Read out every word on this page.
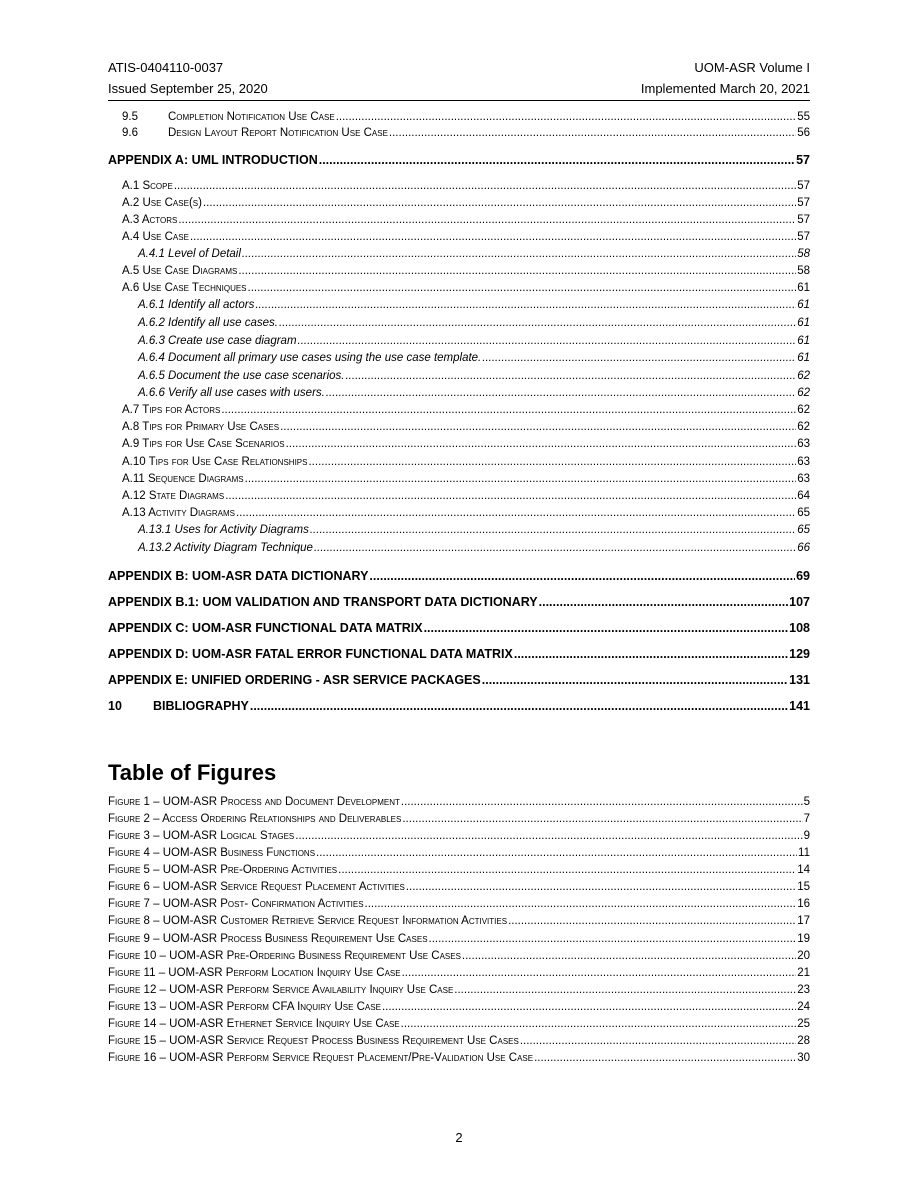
ATIS-0404110-0037	UOM-ASR Volume I
Issued September 25, 2020	Implemented March 20, 2021
9.5	Completion Notification Use Case .....	55
9.6	Design Layout Report Notification Use Case .....	56
APPENDIX A: UML INTRODUCTION .....	57
A.1 Scope .....	57
A.2 Use Case(s) .....	57
A.3 Actors .....	57
A.4 Use Case .....	57
A.4.1 Level of Detail .....	58
A.5 Use Case Diagrams .....	58
A.6 Use Case Techniques .....	61
A.6.1 Identify all actors .....	61
A.6.2 Identify all use cases. .....	61
A.6.3 Create use case diagram .....	61
A.6.4 Document all primary use cases using the use case template. .....	61
A.6.5 Document the use case scenarios. .....	62
A.6.6 Verify all use cases with users. .....	62
A.7 Tips for Actors .....	62
A.8 Tips for Primary Use Cases .....	62
A.9 Tips for Use Case Scenarios .....	63
A.10 Tips for Use Case Relationships .....	63
A.11 Sequence Diagrams .....	63
A.12 State Diagrams .....	64
A.13 Activity Diagrams .....	65
A.13.1 Uses for Activity Diagrams .....	65
A.13.2 Activity Diagram Technique .....	66
APPENDIX B: UOM-ASR DATA DICTIONARY .....	69
APPENDIX B.1: UOM VALIDATION AND TRANSPORT DATA DICTIONARY .....	107
APPENDIX C: UOM-ASR FUNCTIONAL DATA MATRIX .....	108
APPENDIX D: UOM-ASR FATAL ERROR FUNCTIONAL DATA MATRIX .....	129
APPENDIX E: UNIFIED ORDERING - ASR SERVICE PACKAGES .....	131
10	BIBLIOGRAPHY .....	141
Table of Figures
Figure 1 – UOM-ASR Process and Document Development .....	5
Figure 2 – Access Ordering Relationships and Deliverables .....	7
Figure 3 – UOM-ASR Logical Stages .....	9
Figure 4 – UOM-ASR Business Functions .....	11
Figure 5 – UOM-ASR Pre-Ordering Activities .....	14
Figure 6 – UOM-ASR Service Request Placement Activities .....	15
Figure 7 – UOM-ASR Post- Confirmation Activities .....	16
Figure 8 – UOM-ASR Customer Retrieve Service Request Information Activities .....	17
Figure 9 – UOM-ASR Process Business Requirement Use Cases .....	19
Figure 10 – UOM-ASR Pre-Ordering Business Requirement Use Cases .....	20
Figure 11 – UOM-ASR Perform Location Inquiry Use Case .....	21
Figure 12 – UOM-ASR Perform Service Availability Inquiry Use Case .....	23
Figure 13 – UOM-ASR Perform CFA Inquiry Use Case .....	24
Figure 14 – UOM-ASR Ethernet Service Inquiry Use Case .....	25
Figure 15 – UOM-ASR Service Request Process Business Requirement Use Cases .....	28
Figure 16 – UOM-ASR Perform Service Request Placement/Pre-Validation Use Case .....	30
2
